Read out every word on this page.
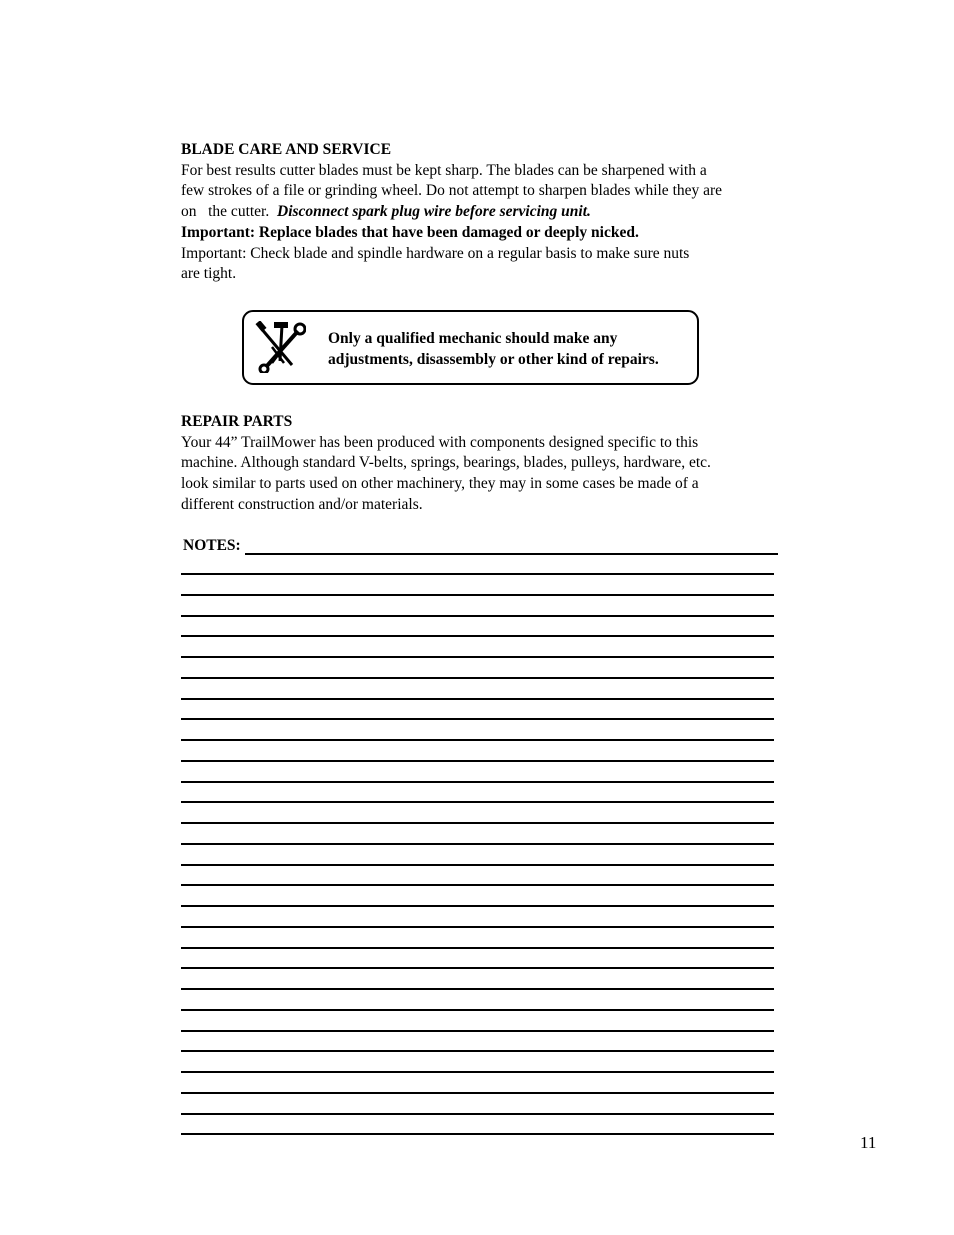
BLADE CARE AND SERVICE
For best results cutter blades must be kept sharp. The blades can be sharpened with a
few strokes of a file or grinding wheel. Do not attempt to sharpen blades while they are
on   the cutter.  Disconnect spark plug wire before servicing unit.
Important: Replace blades that have been damaged or deeply nicked.
Important: Check blade and spindle hardware on a regular basis to make sure nuts
are tight.
Only a qualified mechanic should make any
adjustments, disassembly or other kind of repairs.
REPAIR PARTS
Your 44” TrailMower has been produced with components designed specific to this
machine. Although standard V-belts, springs, bearings, blades, pulleys, hardware, etc.
look similar to parts used on other machinery, they may in some cases be made of a
different construction and/or materials.
NOTES:
11
